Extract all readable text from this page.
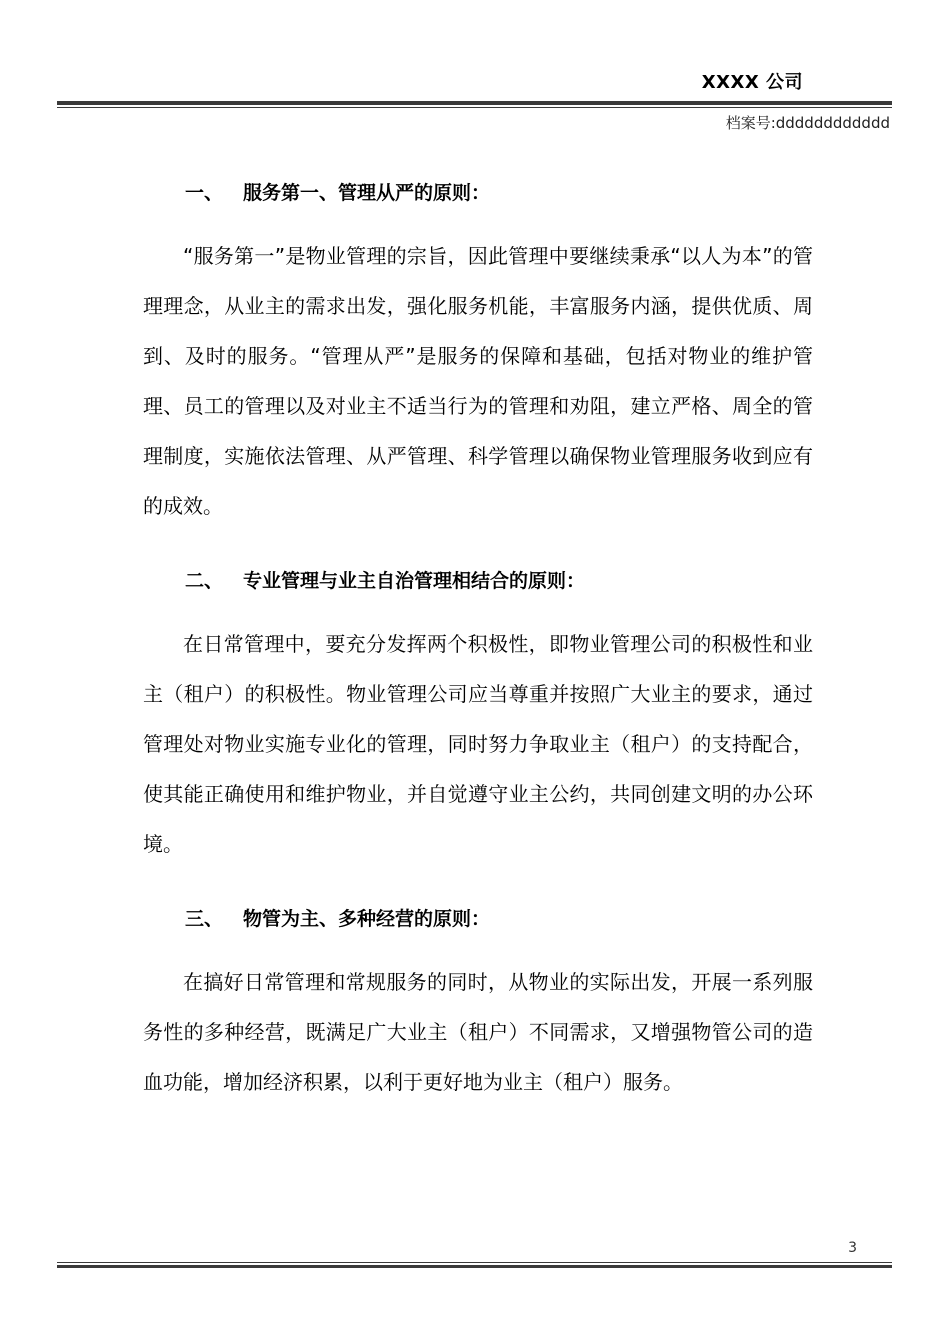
XXXX 公司
档案号:dddddddddddd
一、 服务第一、管理从严的原则：

“服务第一”是物业管理的宗旨，因此管理中要继续秉承“以人为本”的管理理念，从业主的需求出发，强化服务机能，丰富服务内涵，提供优质、周到、及时的服务。“管理从严”是服务的保障和基础，包括对物业的维护管理、员工的管理以及对业主不适当行为的管理和劝阻，建立严格、周全的管理制度，实施依法管理、从严管理、科学管理以确保物业管理服务收到应有的成效。

二、 专业管理与业主自治管理相结合的原则：

在日常管理中，要充分发挥两个积极性，即物业管理公司的积极性和业主（租户）的积极性。物业管理公司应当尊重并按照广大业主的要求，通过管理处对物业实施专业化的管理，同时努力争取业主（租户）的支持配合，使其能正确使用和维护物业，并自觉遵守业主公约，共同创建文明的办公环境。

三、 物管为主、多种经营的原则：

在搞好日常管理和常规服务的同时，从物业的实际出发，开展一系列服务性的多种经营，既满足广大业主（租户）不同需求，又增强物管公司的造血功能，增加经济积累，以利于更好地为业主（租户）服务。

3
